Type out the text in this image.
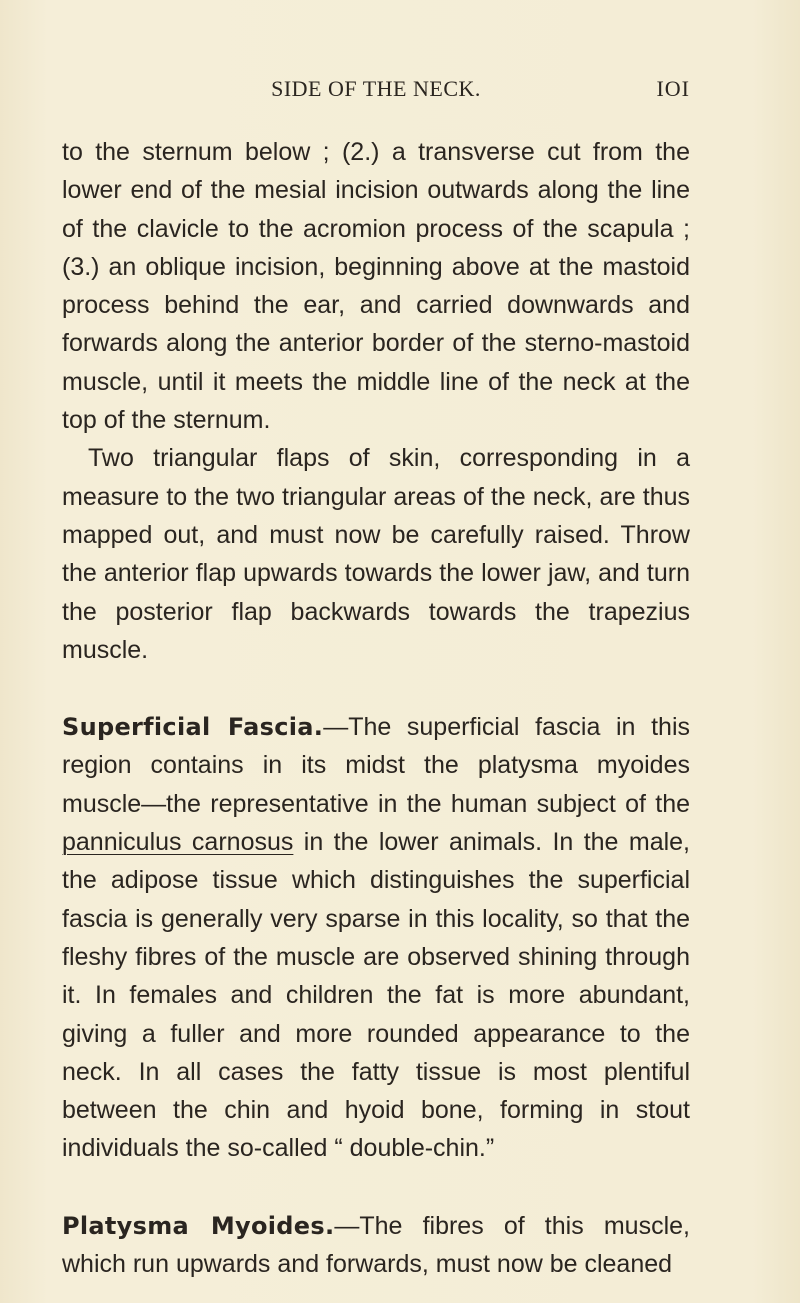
SIDE OF THE NECK.	IOI

to the sternum below ; (2.) a transverse cut from the lower end of the mesial incision outwards along the line of the clavicle to the acromion process of the scapula ; (3.) an oblique incision, beginning above at the mastoid process behind the ear, and carried downwards and forwards along the anterior border of the sterno-mastoid muscle, until it meets the middle line of the neck at the top of the sternum.

Two triangular flaps of skin, corresponding in a measure to the two triangular areas of the neck, are thus mapped out, and must now be carefully raised. Throw the anterior flap upwards towards the lower jaw, and turn the posterior flap backwards towards the trapezius muscle.

Superficial Fascia.—The superficial fascia in this region contains in its midst the platysma myoides muscle—the representative in the human subject of the panniculus carnosus in the lower animals. In the male, the adipose tissue which distinguishes the superficial fascia is generally very sparse in this locality, so that the fleshy fibres of the muscle are observed shining through it. In females and children the fat is more abundant, giving a fuller and more rounded appearance to the neck. In all cases the fatty tissue is most plentiful between the chin and hyoid bone, forming in stout individuals the so-called “ double-chin.”

Platysma Myoides.—The fibres of this muscle, which run upwards and forwards, must now be cleaned
